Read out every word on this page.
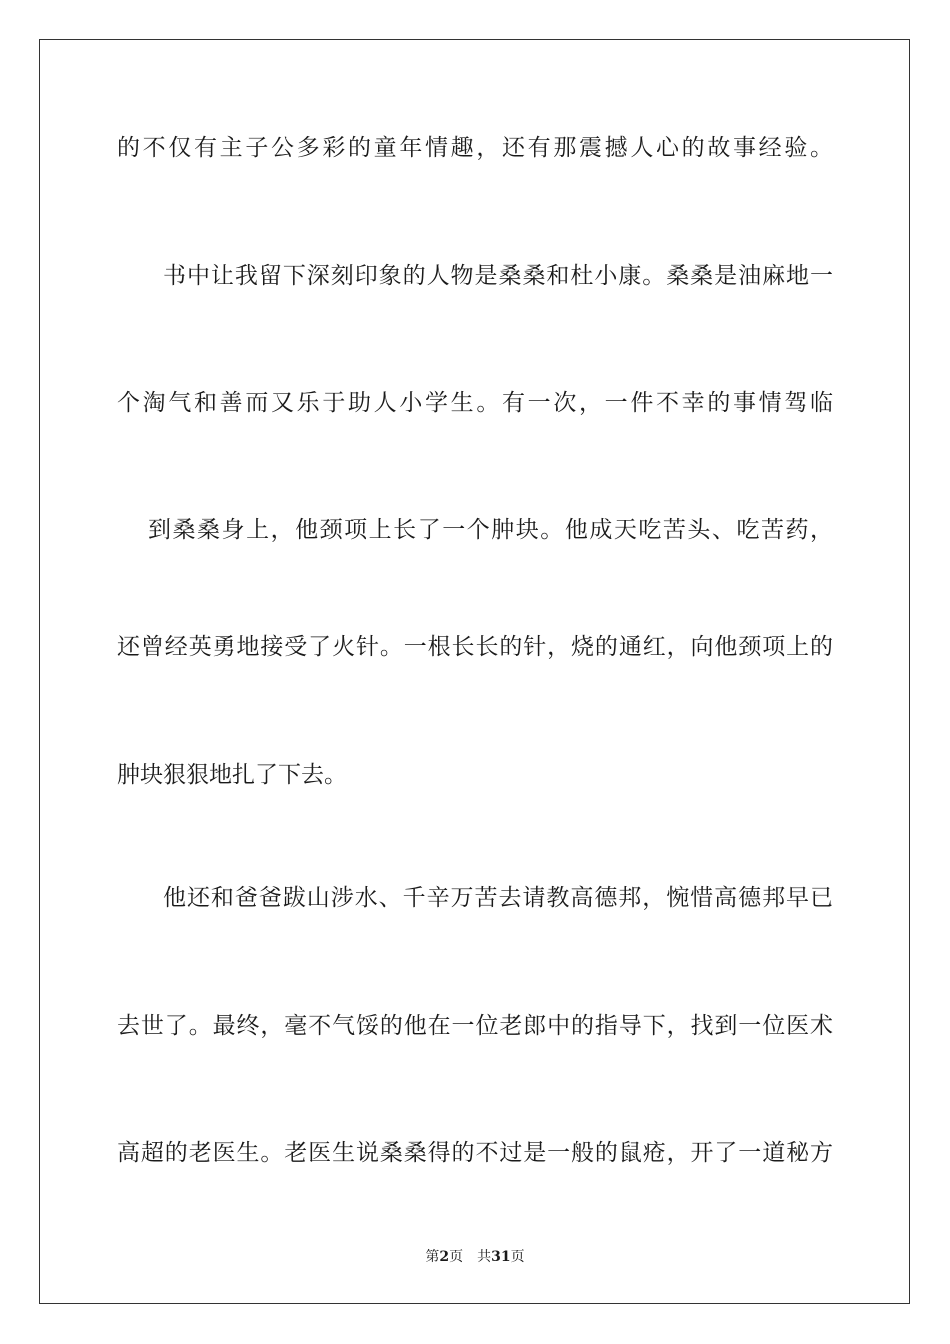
的不仅有主子公多彩的童年情趣，还有那震撼人心的故事经验。
书中让我留下深刻印象的人物是桑桑和杜小康。桑桑是油麻地一
个淘气和善而又乐于助人小学生。有一次，一件不幸的事情驾临
到桑桑身上，他颈项上长了一个肿块。他成天吃苦头、吃苦药，
还曾经英勇地接受了火针。一根长长的针，烧的通红，向他颈项上的
肿块狠狠地扎了下去。
他还和爸爸跋山涉水、千辛万苦去请教高德邦，惋惜高德邦早已
去世了。最终，毫不气馁的他在一位老郎中的指导下，找到一位医术
高超的老医生。老医生说桑桑得的不过是一般的鼠疮，开了一道秘方
第2页 共31页
